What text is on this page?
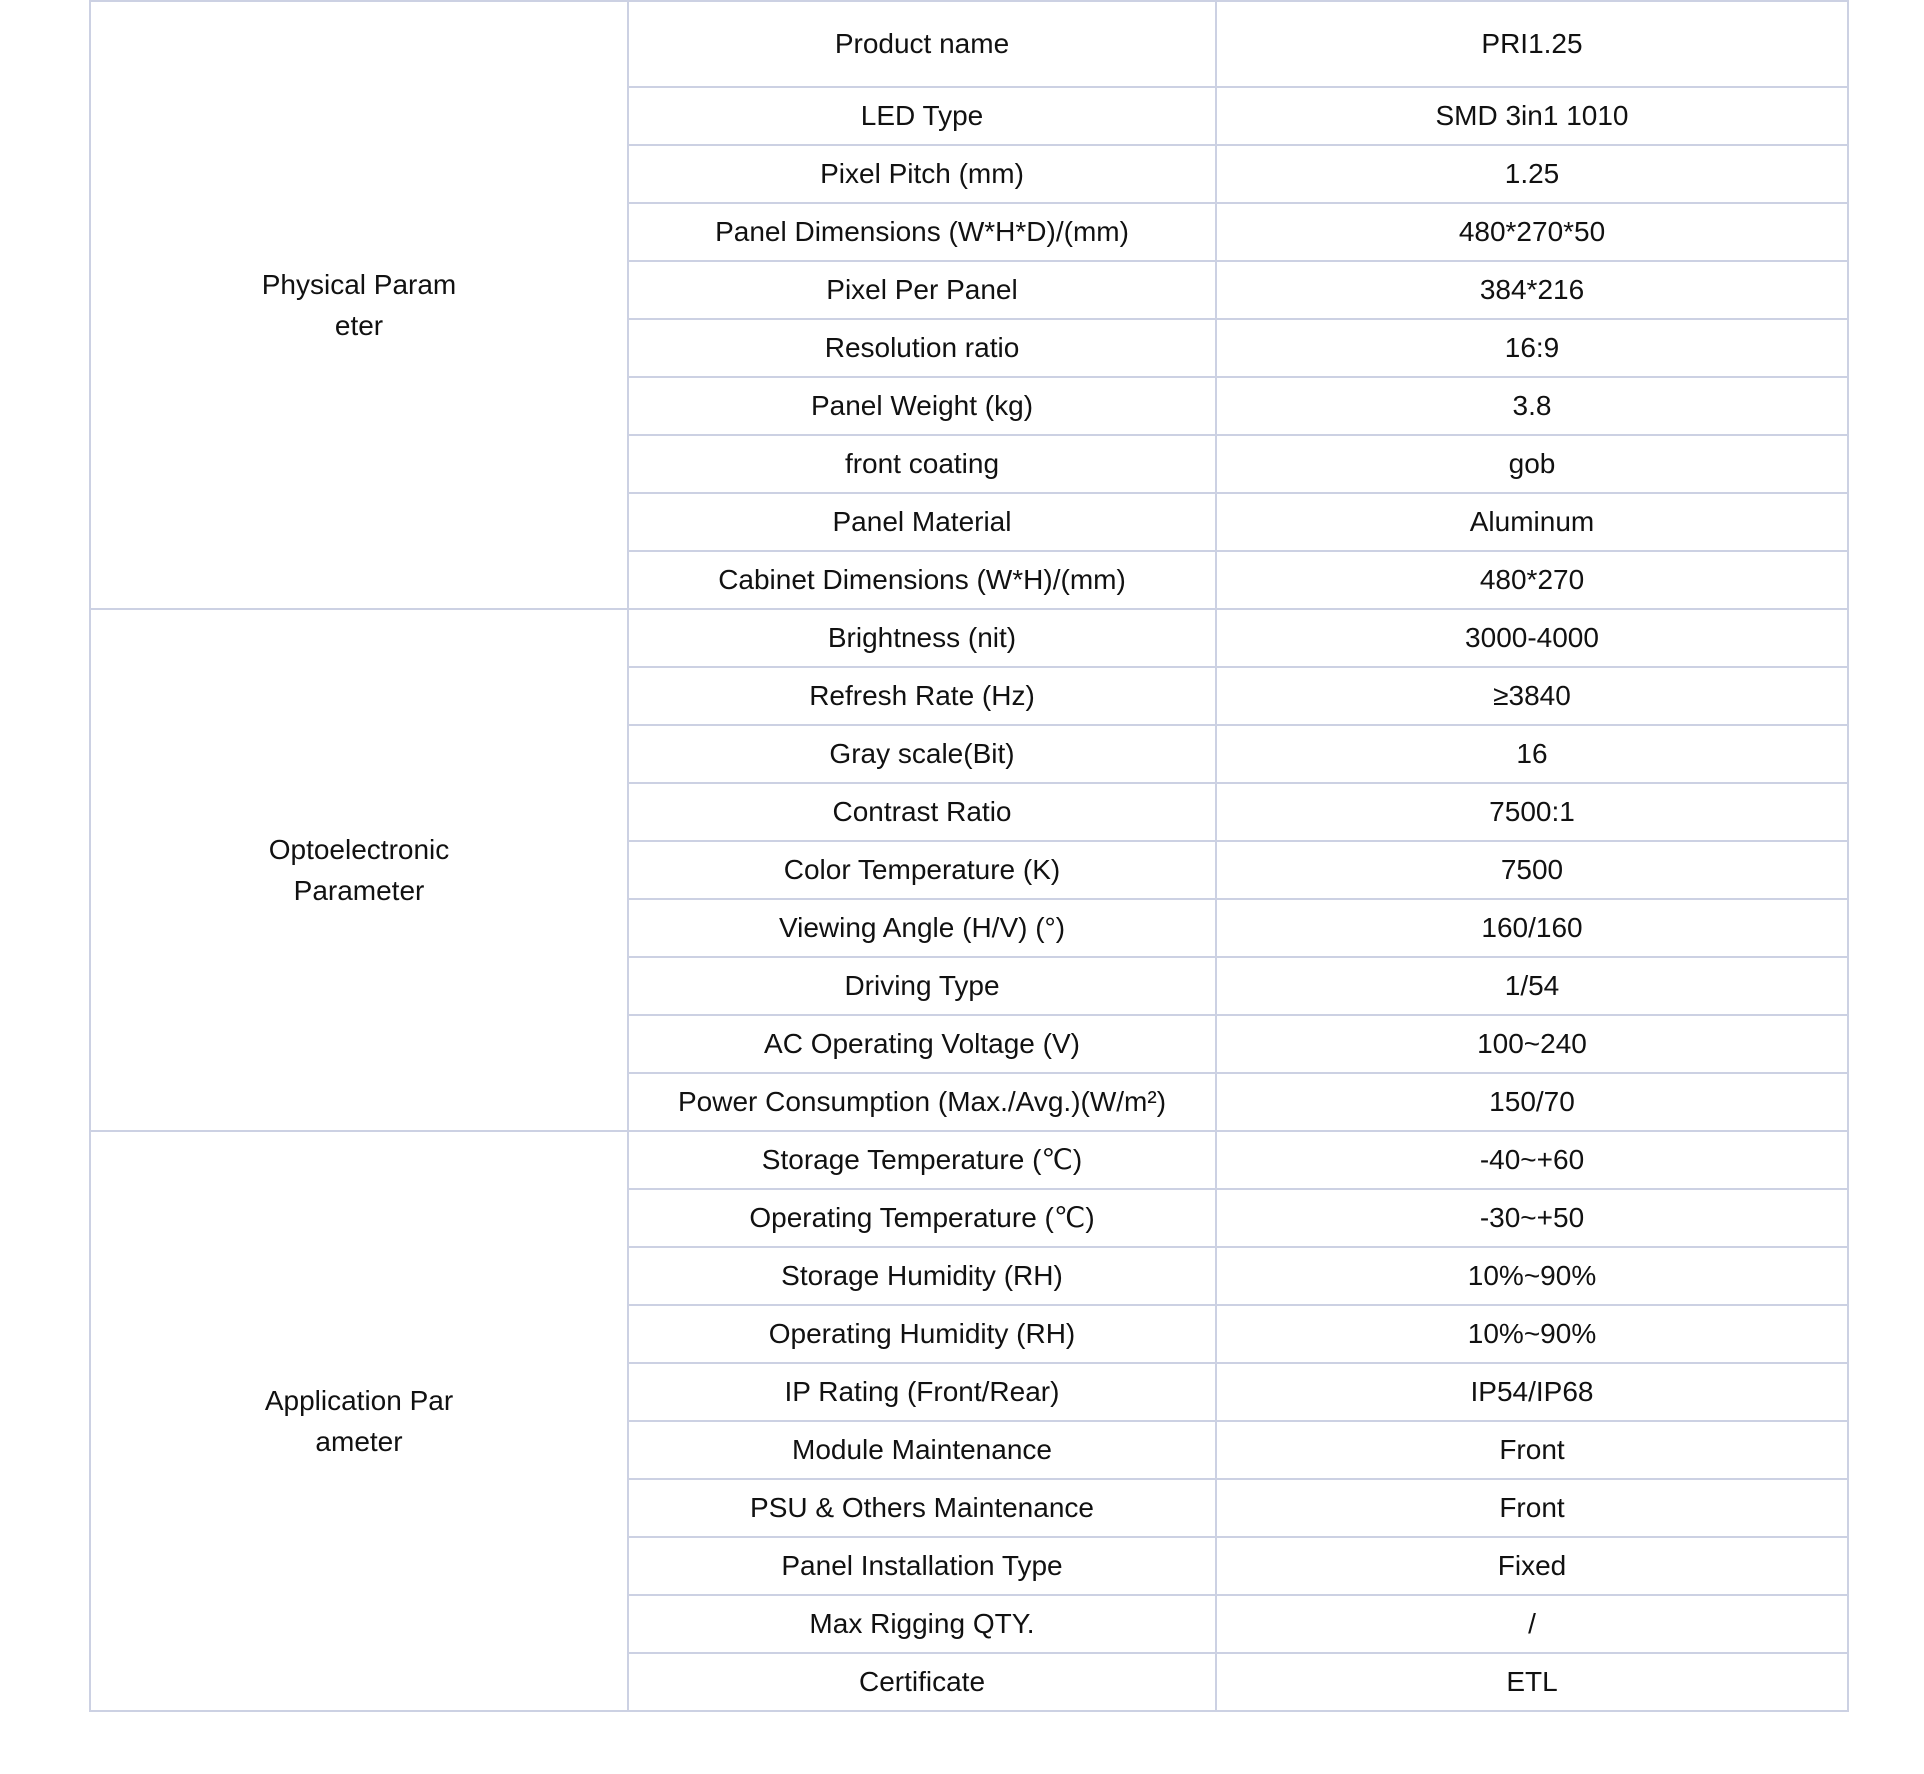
Physical Parameter	Product name	PRI1.25
	LED Type	SMD 3in1 1010
	Pixel Pitch (mm)	1.25
	Panel Dimensions (W*H*D)/(mm)	480*270*50
	Pixel Per Panel	384*216
	Resolution ratio	16:9
	Panel Weight (kg)	3.8
	front coating	gob
	Panel Material	Aluminum
	Cabinet Dimensions (W*H)/(mm)	480*270
Optoelectronic Parameter	Brightness (nit)	3000-4000
	Refresh Rate (Hz)	≥3840
	Gray scale(Bit)	16
	Contrast Ratio	7500:1
	Color Temperature (K)	7500
	Viewing Angle (H/V) (°)	160/160
	Driving Type	1/54
	AC Operating Voltage (V)	100~240
	Power Consumption (Max./Avg.)(W/m²)	150/70
Application Parameter	Storage Temperature (℃)	-40~+60
	Operating Temperature (℃)	-30~+50
	Storage Humidity (RH)	10%~90%
	Operating Humidity (RH)	10%~90%
	IP Rating (Front/Rear)	IP54/IP68
	Module Maintenance	Front
	PSU & Others Maintenance	Front
	Panel Installation Type	Fixed
	Max Rigging QTY.	/
	Certificate	ETL
